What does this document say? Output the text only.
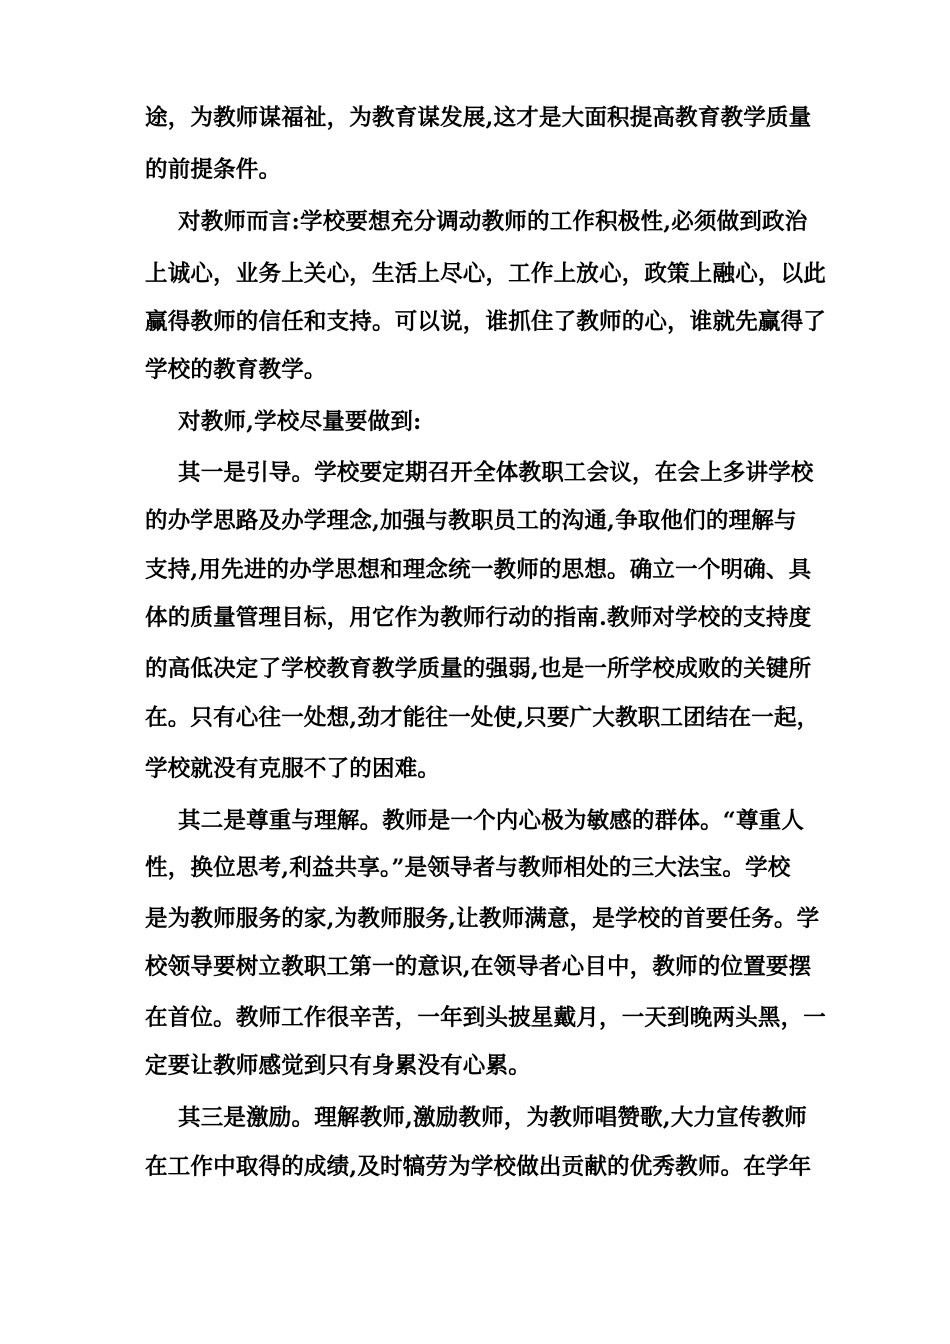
途，为教师谋福祉，为教育谋发展,这才是大面积提高教育教学质量

的前提条件。

对教师而言:学校要想充分调动教师的工作积极性,必须做到政治

上诚心，业务上关心，生活上尽心，工作上放心，政策上融心，以此

赢得教师的信任和支持。可以说，谁抓住了教师的心，谁就先赢得了

学校的教育教学。

对教师,学校尽量要做到:

其一是引导。学校要定期召开全体教职工会议，在会上多讲学校

的办学思路及办学理念,加强与教职员工的沟通,争取他们的理解与

支持,用先进的办学思想和理念统一教师的思想。确立一个明确、具

体的质量管理目标，用它作为教师行动的指南.教师对学校的支持度

的高低决定了学校教育教学质量的强弱,也是一所学校成败的关键所

在。只有心往一处想,劲才能往一处使,只要广大教职工团结在一起，

学校就没有克服不了的困难。

其二是尊重与理解。教师是一个内心极为敏感的群体。“尊重人

性，换位思考,利益共享。”是领导者与教师相处的三大法宝。学校

是为教师服务的家,为教师服务,让教师满意，是学校的首要任务。学

校领导要树立教职工第一的意识,在领导者心目中，教师的位置要摆

在首位。教师工作很辛苦，一年到头披星戴月，一天到晚两头黑，一

定要让教师感觉到只有身累没有心累。

其三是激励。理解教师,激励教师，为教师唱赞歌,大力宣传教师

在工作中取得的成绩,及时犒劳为学校做出贡献的优秀教师。在学年
